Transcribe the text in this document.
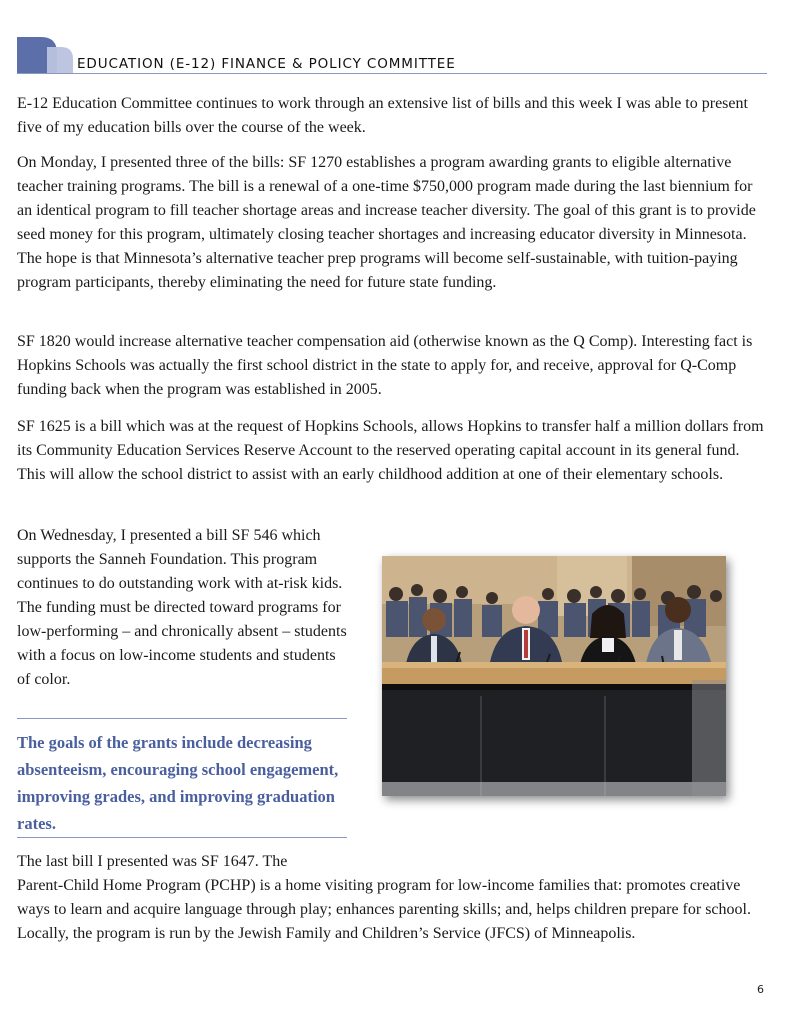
EDUCATION (E-12) FINANCE & POLICY COMMITTEE

E-12 Education Committee continues to work through an extensive list of bills and this week I was able to present five of my education bills over the course of the week.

On Monday, I presented three of the bills: SF 1270 establishes a program awarding grants to eligible alternative teacher training programs. The bill is a renewal of a one-time $750,000 program made during the last biennium for an identical program to fill teacher shortage areas and increase teacher diversity. The goal of this grant is to provide seed money for this program, ultimately closing teacher shortages and increasing educator diversity in Minnesota. The hope is that Minnesota’s alternative teacher prep programs will become self-sustainable, with tuition-paying program participants, thereby eliminating the need for future state funding.

SF 1820 would increase alternative teacher compensation aid (otherwise known as the Q Comp). Interesting fact is Hopkins Schools was actually the first school district in the state to apply for, and receive, approval for Q-Comp funding back when the program was established in 2005.

SF 1625 is a bill which was at the request of Hopkins Schools, allows Hopkins to transfer half a million dollars from its Community Education Services Reserve Account to the reserved operating capital account in its general fund. This will allow the school district to assist with an early childhood addition at one of their elementary schools.

On Wednesday, I presented a bill SF 546 which supports the Sanneh Foundation. This program continues to do outstanding work with at-risk kids. The funding must be directed toward programs for low-performing – and chronically absent – students with a focus on low-income students and students of color.

The goals of the grants include decreasing absenteeism, encouraging school engagement, improving grades, and improving graduation rates.

The last bill I presented was SF 1647. The
Parent-Child Home Program (PCHP) is a home visiting program for low-income families that: promotes creative ways to learn and acquire language through play; enhances parenting skills; and, helps children prepare for school. Locally, the program is run by the Jewish Family and Children’s Service (JFCS) of Minneapolis.

6
